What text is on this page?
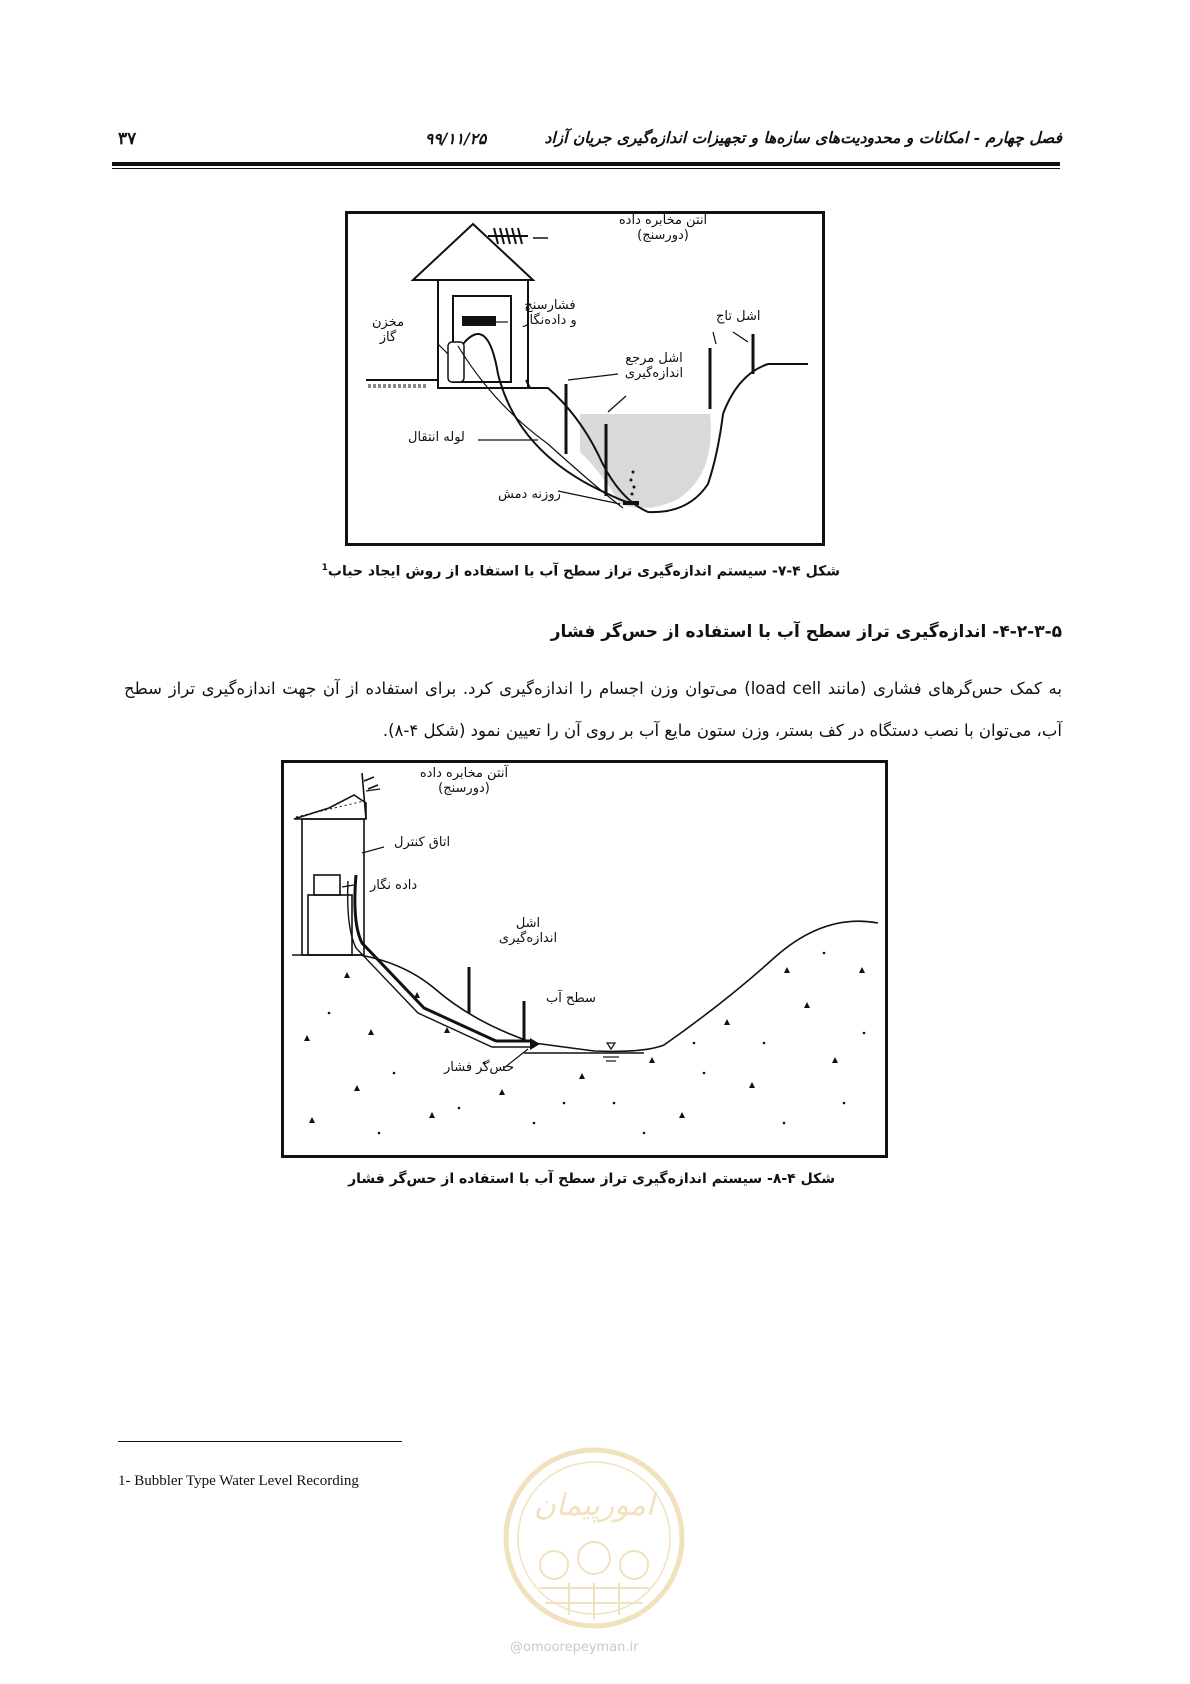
فصل چهارم - امکانات و محدودیت‌های سازه‌ها و تجهیزات اندازه‌گیری جریان آزاد
۹۹/۱۱/۲۵
۳۷
آنتن مخابره داده
(دورسنج)
مخزن
گاز
فشارسنج
و داده‌نگار	اشل تاج
اشل مرجع
اندازه‌گیری
لوله انتقال
روزنه دمش
شکل ۴-۷- سیستم اندازه‌گیری تراز سطح آب با استفاده از روش ایجاد حباب$^1$
۴-۲-۳-۵- اندازه‌گیری تراز سطح آب با استفاده از حس‌گر فشار
به کمک حس‌گرهای فشاری (مانند load cell) می‌توان وزن اجسام را اندازه‌گیری کرد. برای استفاده از آن جهت اندازه‌گیری تراز سطح آب، می‌توان با نصب دستگاه در کف بستر، وزن ستون مایع آب بر روی آن را تعیین نمود (شکل ۴-۸).
آنتن مخابره داده
(دورسنج)
اتاق کنترل
داده نگار
اشل
اندازه‌گیری
سطح آب
حس‌گر فشار
شکل ۴-۸- سیستم اندازه‌گیری تراز سطح آب با استفاده از حس‌گر فشار
1- Bubbler Type Water Level Recording
امورپیمان
@omoorepeyman.ir
